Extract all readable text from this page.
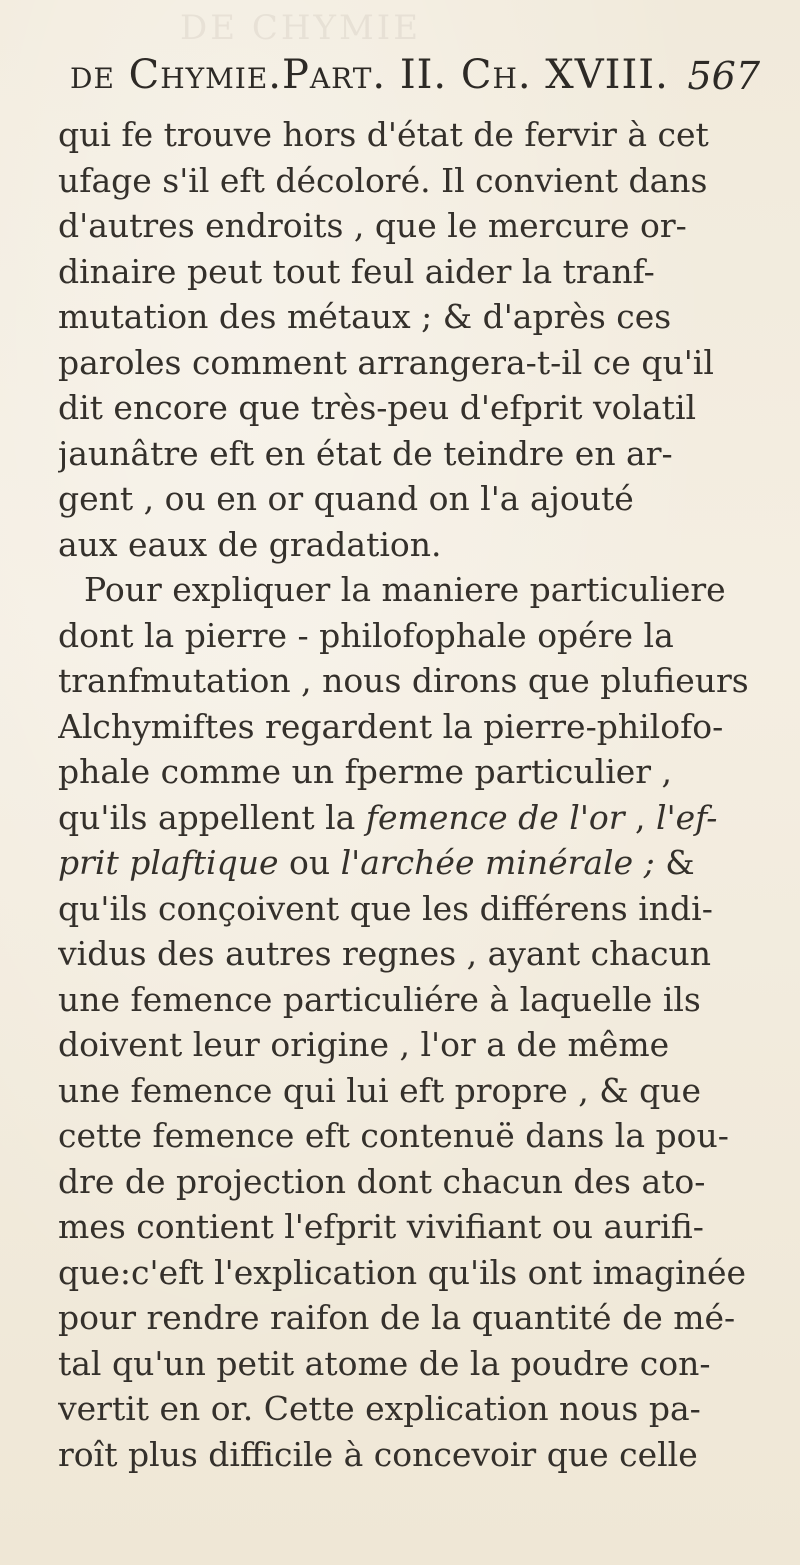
DE CHYMIE
de Chymie.Part. II. Ch. XVIII. 567
qui fe trouve hors d'état de fervir à cet
ufage s'il eft décoloré. Il convient dans
d'autres endroits , que le mercure or-
dinaire peut tout feul aider la tranf-
mutation des métaux ; & d'après ces
paroles comment arrangera-t-il ce qu'il
dit encore que très-peu d'efprit volatil
jaunâtre eft en état de teindre en ar-
gent , ou en or quand on l'a ajouté
aux eaux de gradation.
Pour expliquer la maniere particuliere
dont la pierre - philofophale opére la
tranfmutation , nous dirons que plufieurs
Alchymiftes regardent la pierre-philofo-
phale comme un fperme particulier ,
qu'ils appellent la femence de l'or , l'ef-
prit plaftique ou l'archée minérale ; &
qu'ils conçoivent que les différens indi-
vidus des autres regnes , ayant chacun
une femence particuliére à laquelle ils
doivent leur origine , l'or a de même
une femence qui lui eft propre , & que
cette femence eft contenuë dans la pou-
dre de projection dont chacun des ato-
mes contient l'efprit vivifiant ou aurifi-
que:c'eft l'explication qu'ils ont imaginée
pour rendre raifon de la quantité de mé-
tal qu'un petit atome de la poudre con-
vertit en or. Cette explication nous pa-
roît plus difficile à concevoir que celle
